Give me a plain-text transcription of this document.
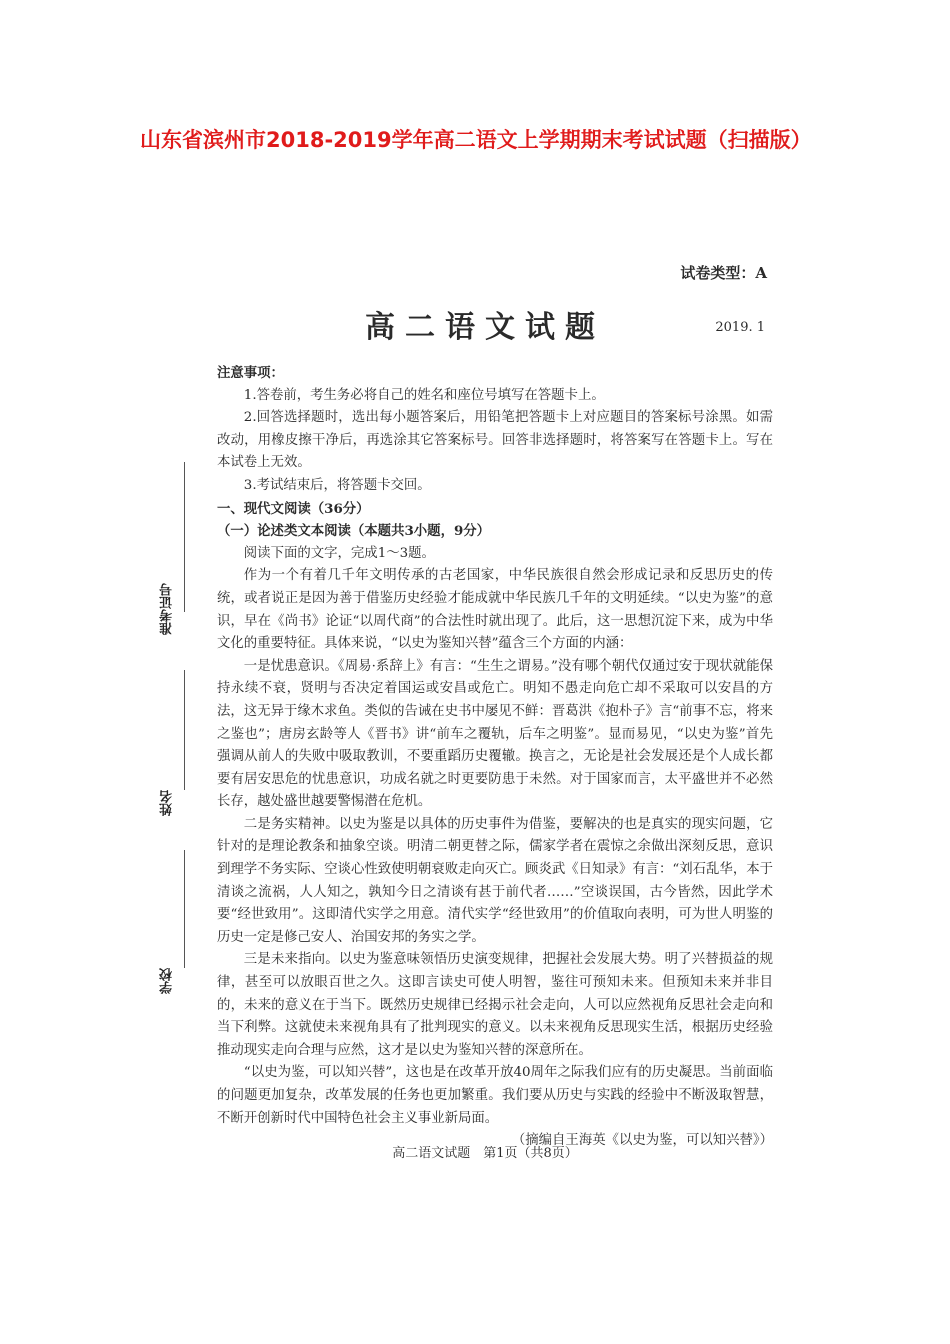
山东省滨州市2018-2019学年高二语文上学期期末考试试题（扫描版）
准考证号
姓名
学校
试卷类型：A
高二语文试题	2019. 1

注意事项：

1.答卷前，考生务必将自己的姓名和座位号填写在答题卡上。

2.回答选择题时，选出每小题答案后，用铅笔把答题卡上对应题目的答案标号涂黑。如需改动，用橡皮擦干净后，再选涂其它答案标号。回答非选择题时，将答案写在答题卡上。写在本试卷上无效。

3.考试结束后，将答题卡交回。

一、现代文阅读（36分）

（一）论述类文本阅读（本题共3小题，9分）

阅读下面的文字，完成1～3题。

作为一个有着几千年文明传承的古老国家，中华民族很自然会形成记录和反思历史的传统，或者说正是因为善于借鉴历史经验才能成就中华民族几千年的文明延续。“以史为鉴”的意识，早在《尚书》论证“以周代商”的合法性时就出现了。此后，这一思想沉淀下来，成为中华文化的重要特征。具体来说，“以史为鉴知兴替”蕴含三个方面的内涵：

一是忧患意识。《周易·系辞上》有言：“生生之谓易。”没有哪个朝代仅通过安于现状就能保持永续不衰，贤明与否决定着国运或安昌或危亡。明知不愚走向危亡却不采取可以安昌的方法，这无异于缘木求鱼。类似的告诫在史书中屡见不鲜：晋葛洪《抱朴子》言“前事不忘，将来之鉴也”；唐房玄龄等人《晋书》讲“前车之覆轨，后车之明鉴”。显而易见，“以史为鉴”首先强调从前人的失败中吸取教训，不要重蹈历史覆辙。换言之，无论是社会发展还是个人成长都要有居安思危的忧患意识，功成名就之时更要防患于未然。对于国家而言，太平盛世并不必然长存，越处盛世越要警惕潜在危机。

二是务实精神。以史为鉴是以具体的历史事件为借鉴，要解决的也是真实的现实问题，它针对的是理论教条和抽象空谈。明清二朝更替之际，儒家学者在震惊之余做出深刻反思，意识到理学不务实际、空谈心性致使明朝衰败走向灭亡。顾炎武《日知录》有言：“刘石乱华，本于清谈之流祸，人人知之，孰知今日之清谈有甚于前代者……”空谈误国，古今皆然，因此学术要“经世致用”。这即清代实学之用意。清代实学“经世致用”的价值取向表明，可为世人明鉴的历史一定是修己安人、治国安邦的务实之学。

三是未来指向。以史为鉴意味领悟历史演变规律，把握社会发展大势。明了兴替损益的规律，甚至可以放眼百世之久。这即言读史可使人明智，鉴往可预知未来。但预知未来并非目的，未来的意义在于当下。既然历史规律已经揭示社会走向，人可以应然视角反思社会走向和当下利弊。这就使未来视角具有了批判现实的意义。以未来视角反思现实生活，根据历史经验推动现实走向合理与应然，这才是以史为鉴知兴替的深意所在。

“以史为鉴，可以知兴替”，这也是在改革开放40周年之际我们应有的历史凝思。当前面临的问题更加复杂，改革发展的任务也更加繁重。我们要从历史与实践的经验中不断汲取智慧，不断开创新时代中国特色社会主义事业新局面。

（摘编自王海英《以史为鉴，可以知兴替》）

高二语文试题　第1页（共8页）
